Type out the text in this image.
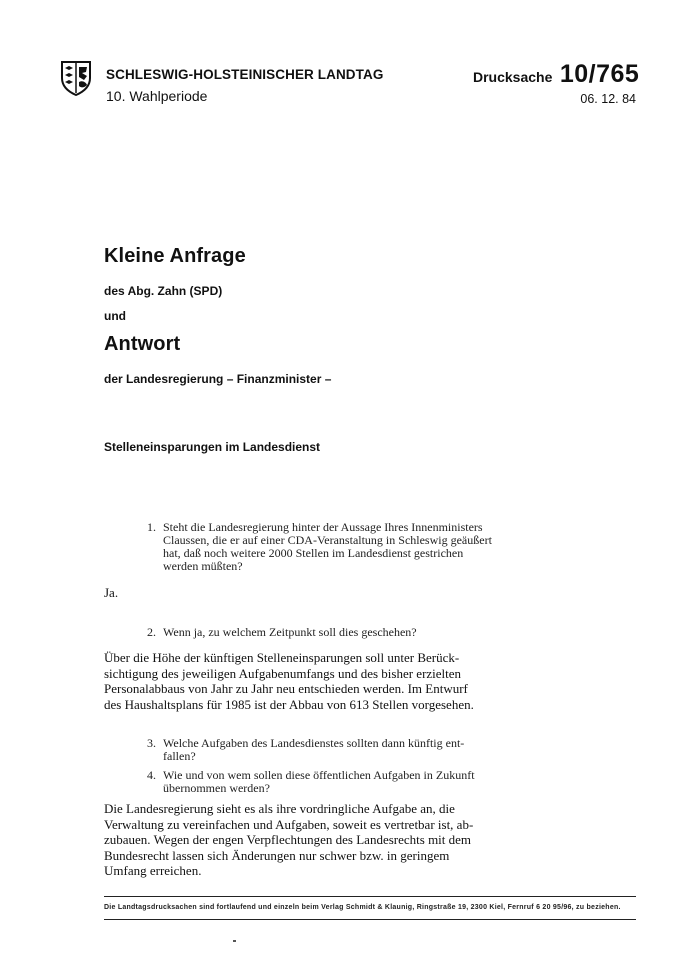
SCHLESWIG-HOLSTEINISCHER LANDTAG
10. Wahlperiode
Drucksache 10/765
06. 12. 84
Kleine Anfrage
des Abg. Zahn (SPD)
und
Antwort
der Landesregierung – Finanzminister –
Stelleneinsparungen im Landesdienst
1. Steht die Landesregierung hinter der Aussage Ihres Innenministers
Claussen, die er auf einer CDA-Veranstaltung in Schleswig geäußert
hat, daß noch weitere 2000 Stellen im Landesdienst gestrichen
werden müßten?
Ja.
2. Wenn ja, zu welchem Zeitpunkt soll dies geschehen?
Über die Höhe der künftigen Stelleneinsparungen soll unter Berück-
sichtigung des jeweiligen Aufgabenumfangs und des bisher erzielten
Personalabbaus von Jahr zu Jahr neu entschieden werden. Im Entwurf
des Haushaltsplans für 1985 ist der Abbau von 613 Stellen vorgesehen.
3. Welche Aufgaben des Landesdienstes sollten dann künftig ent-
fallen?
4. Wie und von wem sollen diese öffentlichen Aufgaben in Zukunft
übernommen werden?
Die Landesregierung sieht es als ihre vordringliche Aufgabe an, die
Verwaltung zu vereinfachen und Aufgaben, soweit es vertretbar ist, ab-
zubauen. Wegen der engen Verpflechtungen des Landesrechts mit dem
Bundesrecht lassen sich Änderungen nur schwer bzw. in geringem
Umfang erreichen.
Die Landtagsdrucksachen sind fortlaufend und einzeln beim Verlag Schmidt & Klaunig, Ringstraße 19, 2300 Kiel, Fernruf 6 20 95/96, zu beziehen.
